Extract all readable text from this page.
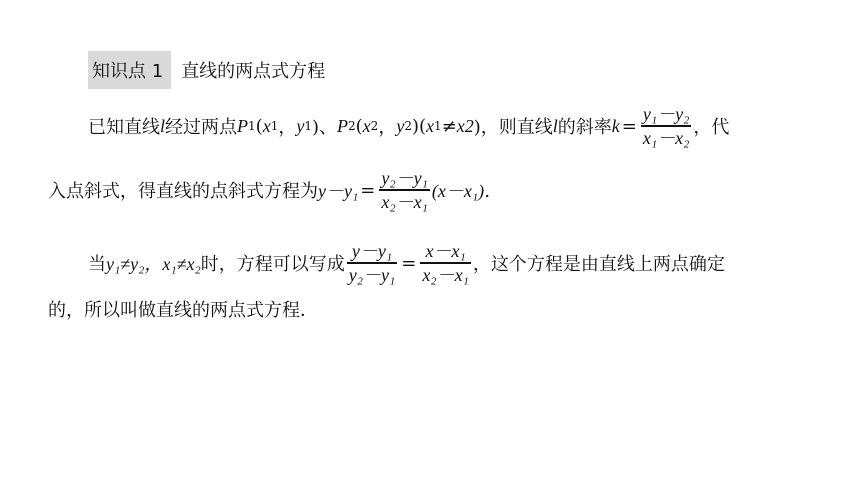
知识点 1	直线的两点式方程
已知直线 l 经过两点 P 1 ( x 1 ， y 1 )、 P 2 ( x 2 ， y 2 )( x 1 ≠ x2 )，则直线 l 的斜率 $k = \frac{\text{y₁－y₂}}{\text{x₁－x₂}}$ ，代
入点斜式，得直线的点斜式方程为 $y-y_1 = \frac{\text{y₂－y₁}}{\text{x₂－x₁}} (x-x_1)$．
当 y₁≠y₂，x₁≠x₂ 时，方程可以写成 $\frac{\text{y－y₁}}{\text{y₂－y₁}} = \frac{\text{x－x₁}}{\text{x₂－x₁}}$ ，这个方程是由直线上两点确定
的，所以叫做直线的两点式方程．
